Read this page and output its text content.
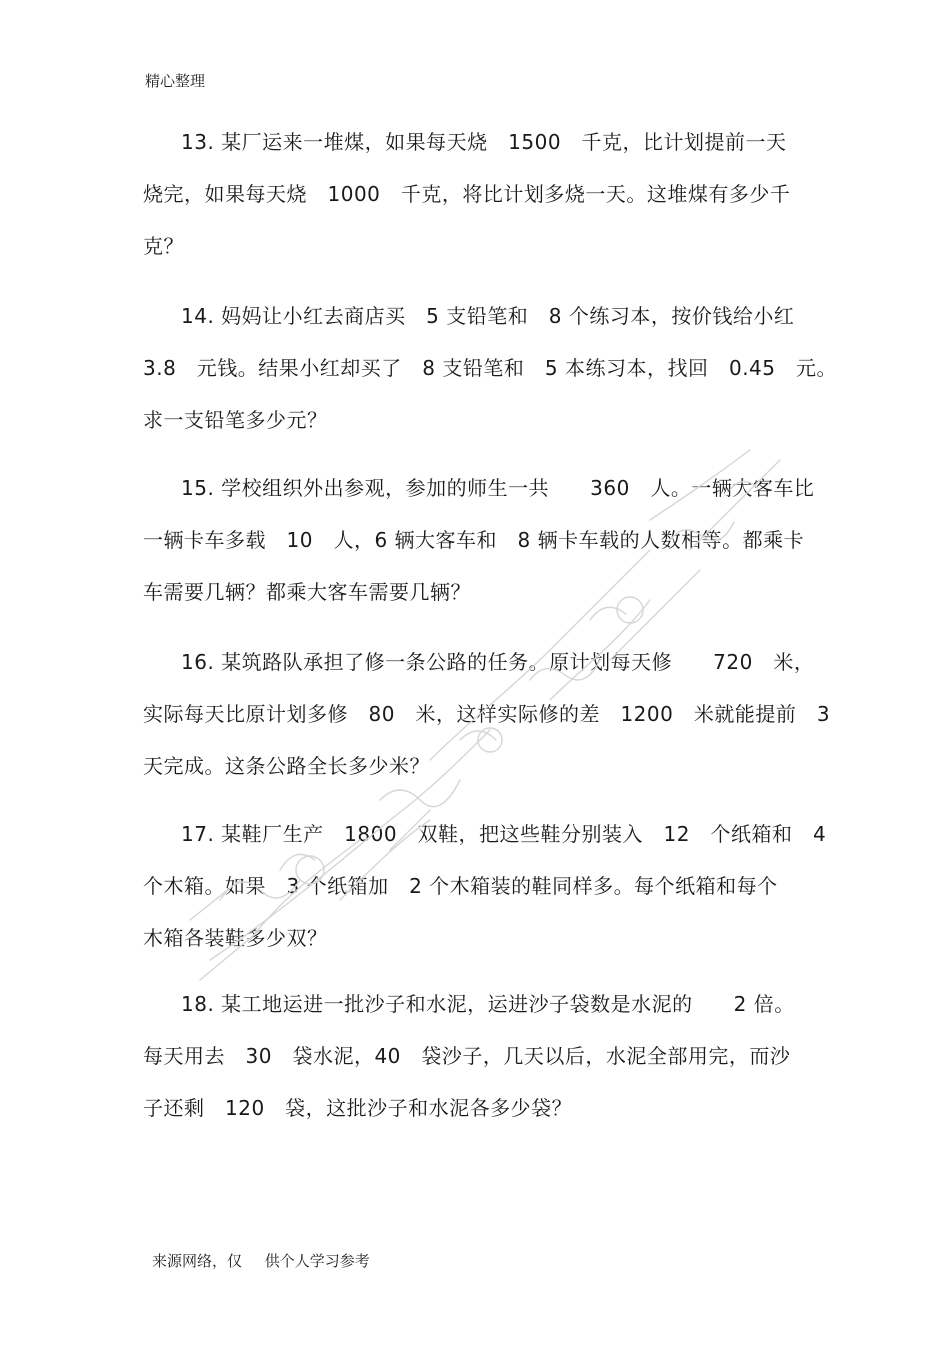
精心整理
13. 某厂运来一堆煤，如果每天烧　1500　千克，比计划提前一天
烧完，如果每天烧　1000　千克，将比计划多烧一天。这堆煤有多少千
克？
14. 妈妈让小红去商店买　5 支铅笔和　8 个练习本，按价钱给小红
3.8　元钱。结果小红却买了　8 支铅笔和　5 本练习本，找回　0.45　元。
求一支铅笔多少元？
15. 学校组织外出参观，参加的师生一共　　360　人。一辆大客车比
一辆卡车多载　10　人，6 辆大客车和　8 辆卡车载的人数相等。都乘卡
车需要几辆？都乘大客车需要几辆？
16. 某筑路队承担了修一条公路的任务。原计划每天修　　720　米，
实际每天比原计划多修　80　米，这样实际修的差　1200　米就能提前　3
天完成。这条公路全长多少米？
17. 某鞋厂生产　1800　双鞋，把这些鞋分别装入　12　个纸箱和　4
个木箱。如果　3 个纸箱加　2 个木箱装的鞋同样多。每个纸箱和每个
木箱各装鞋多少双？
18. 某工地运进一批沙子和水泥，运进沙子袋数是水泥的　　2 倍。
每天用去　30　袋水泥，40　袋沙子，几天以后，水泥全部用完，而沙
子还剩　120　袋，这批沙子和水泥各多少袋？
来源网络，仅 供个人学习参考
